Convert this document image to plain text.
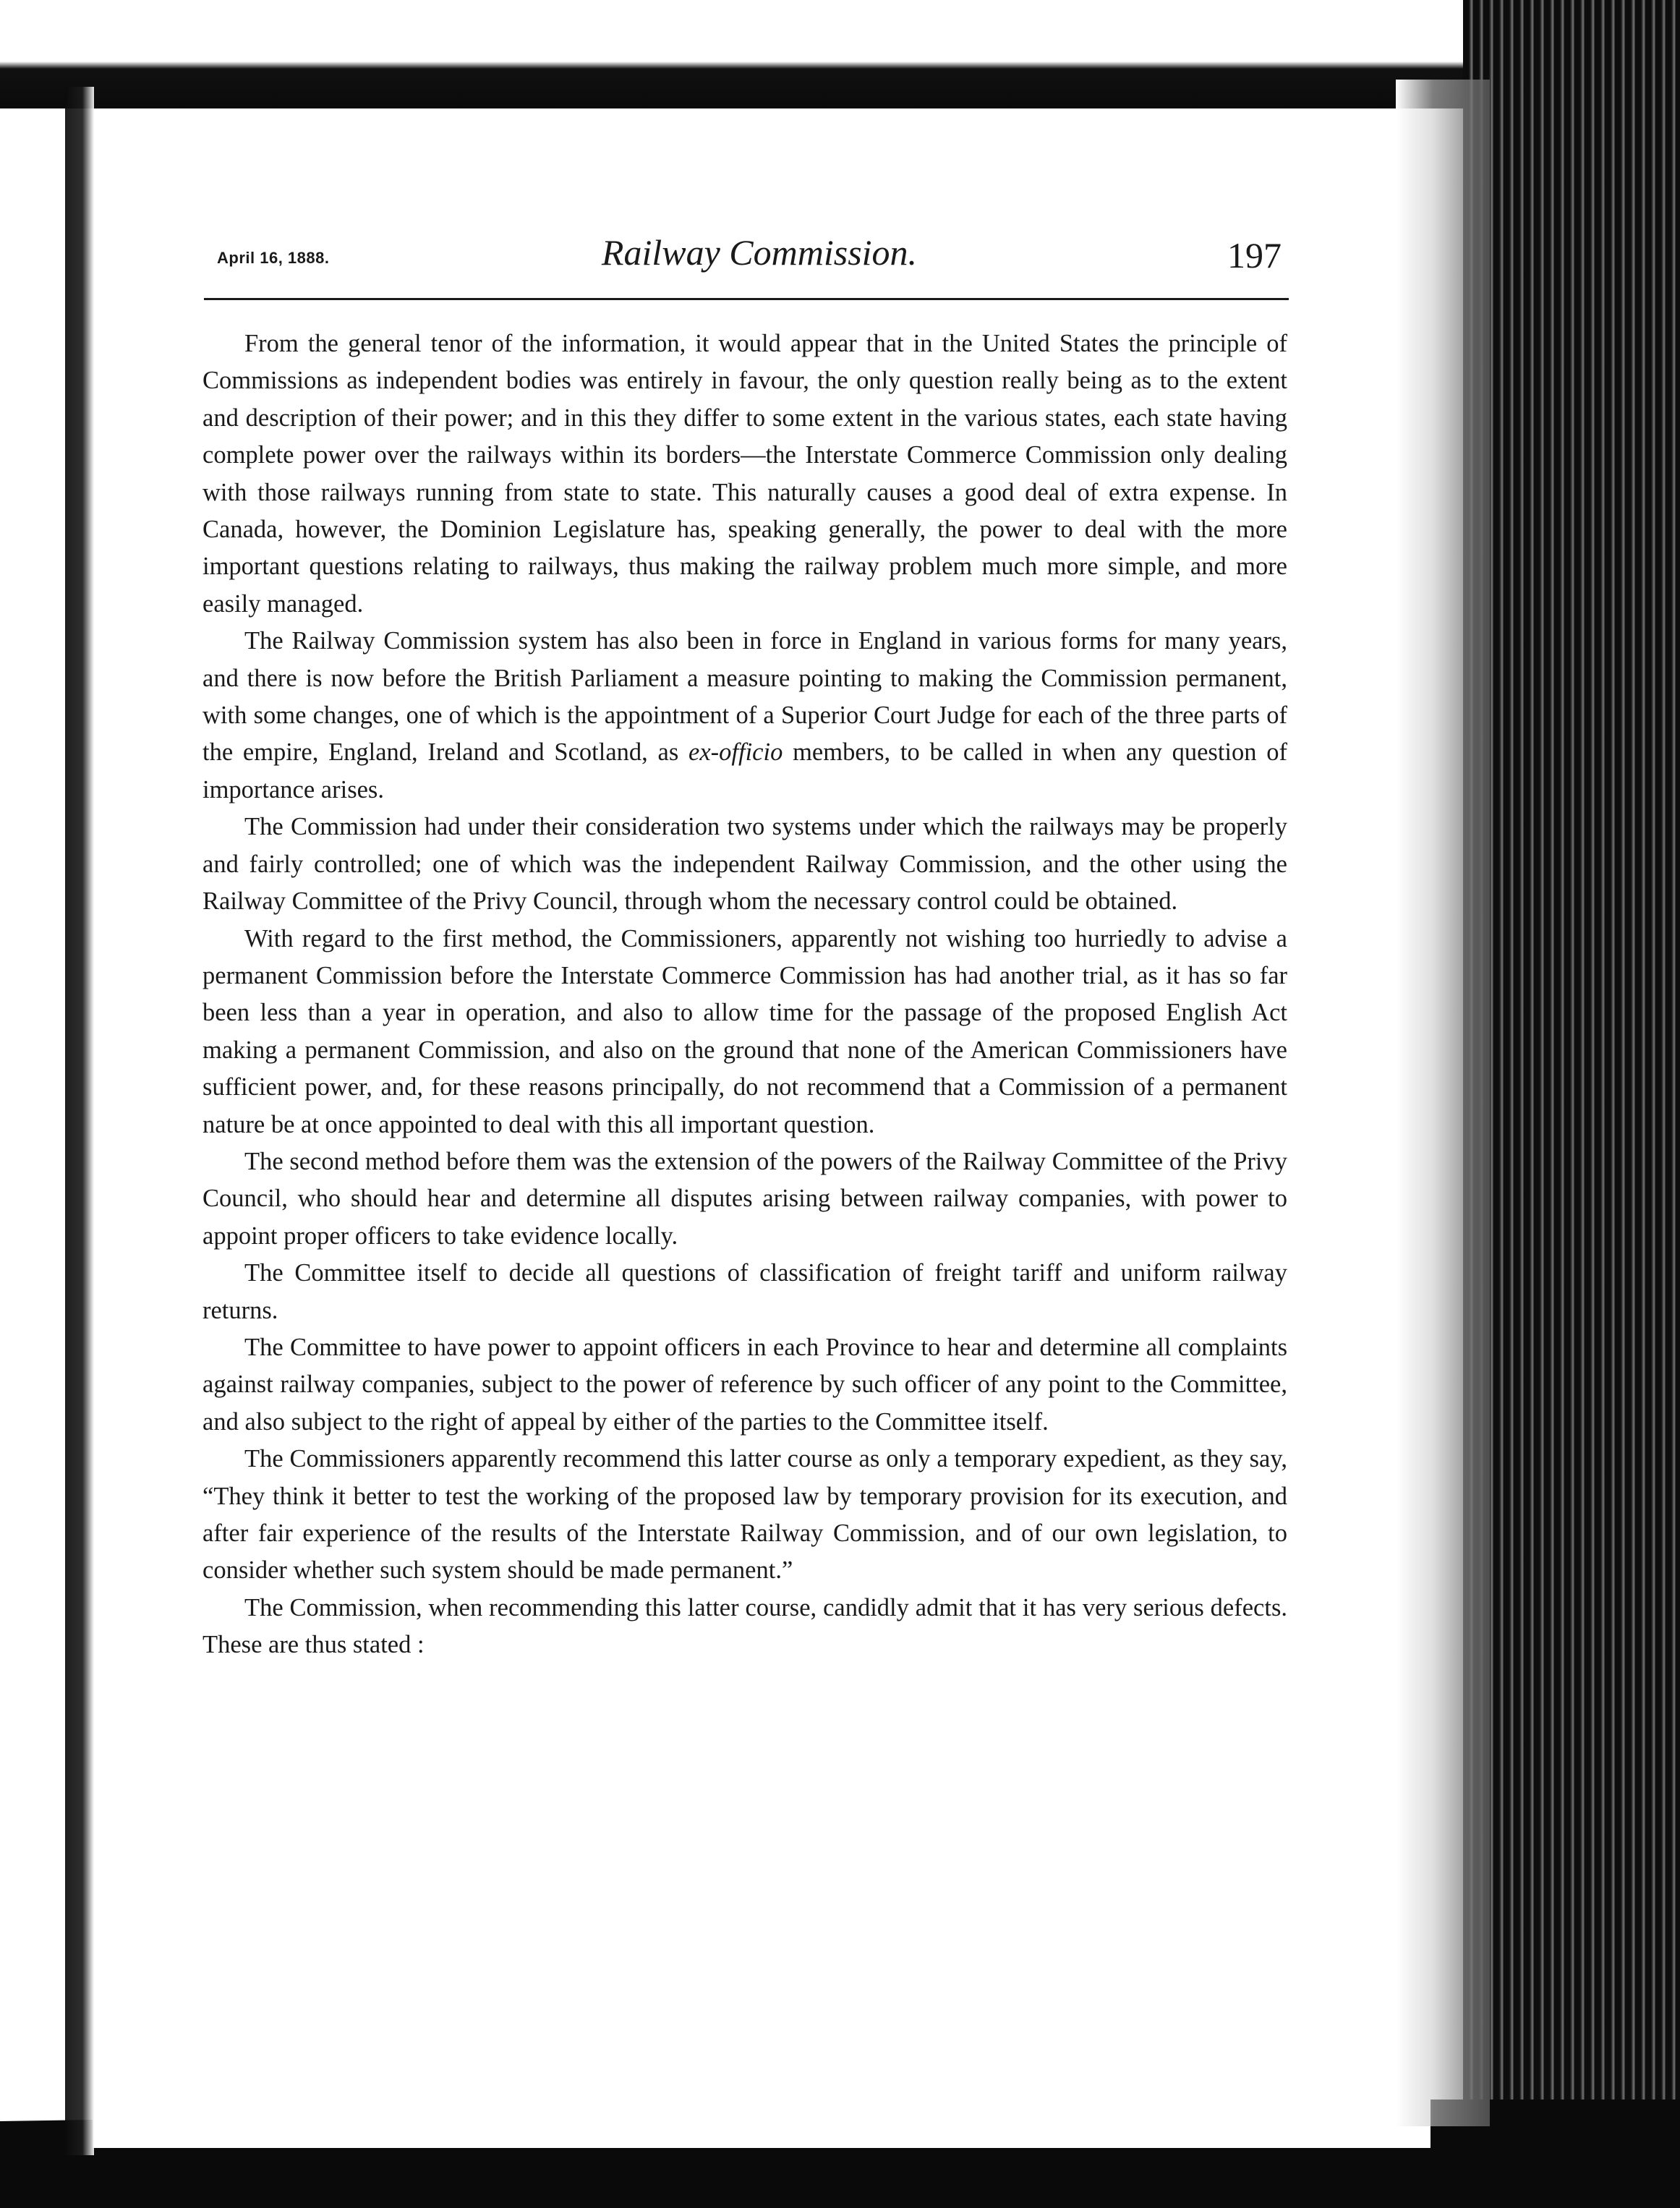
April 16, 1888.	Railway Commission.	197

From the general tenor of the information, it would appear that in the United States the principle of Commissions as independent bodies was entirely in favour, the only question really being as to the extent and description of their power; and in this they differ to some extent in the various states, each state having complete power over the railways within its borders—the Interstate Commerce Commission only dealing with those railways running from state to state. This naturally causes a good deal of extra expense. In Canada, however, the Dominion Legislature has, speaking generally, the power to deal with the more important questions relating to railways, thus making the railway problem much more simple, and more easily managed.

The Railway Commission system has also been in force in England in various forms for many years, and there is now before the British Parliament a measure pointing to making the Commission permanent, with some changes, one of which is the appointment of a Superior Court Judge for each of the three parts of the empire, England, Ireland and Scotland, as ex-officio members, to be called in when any question of importance arises.

The Commission had under their consideration two systems under which the railways may be properly and fairly controlled; one of which was the independent Railway Commission, and the other using the Railway Committee of the Privy Council, through whom the necessary control could be obtained.

With regard to the first method, the Commissioners, apparently not wishing too hurriedly to advise a permanent Commission before the Interstate Commerce Commission has had another trial, as it has so far been less than a year in operation, and also to allow time for the passage of the proposed English Act making a permanent Commission, and also on the ground that none of the American Commissioners have sufficient power, and, for these reasons principally, do not recommend that a Commission of a permanent nature be at once appointed to deal with this all important question.

The second method before them was the extension of the powers of the Railway Committee of the Privy Council, who should hear and determine all disputes arising between railway companies, with power to appoint proper officers to take evidence locally.

The Committee itself to decide all questions of classification of freight tariff and uniform railway returns.

The Committee to have power to appoint officers in each Province to hear and determine all complaints against railway companies, subject to the power of reference by such officer of any point to the Committee, and also subject to the right of appeal by either of the parties to the Committee itself.

The Commissioners apparently recommend this latter course as only a temporary expedient, as they say, “They think it better to test the working of the proposed law by temporary provision for its execution, and after fair experience of the results of the Interstate Railway Commission, and of our own legislation, to consider whether such system should be made permanent.”

The Commission, when recommending this latter course, candidly admit that it has very serious defects. These are thus stated :
